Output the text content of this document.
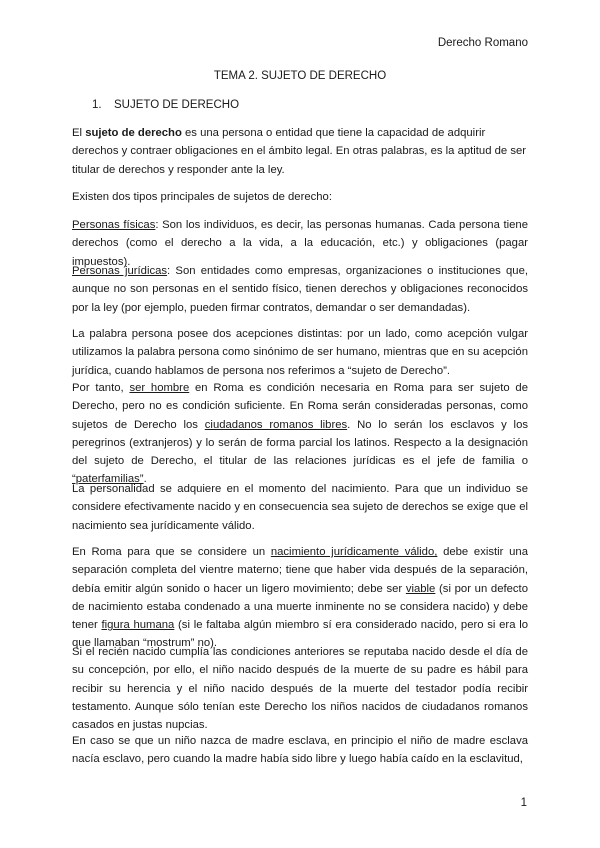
Derecho Romano
TEMA 2. SUJETO DE DERECHO
1. SUJETO DE DERECHO

El sujeto de derecho es una persona o entidad que tiene la capacidad de adquirir derechos y contraer obligaciones en el ámbito legal. En otras palabras, es la aptitud de ser titular de derechos y responder ante la ley.

Existen dos tipos principales de sujetos de derecho:

Personas físicas: Son los individuos, es decir, las personas humanas. Cada persona tiene derechos (como el derecho a la vida, a la educación, etc.) y obligaciones (pagar impuestos).

Personas jurídicas: Son entidades como empresas, organizaciones o instituciones que, aunque no son personas en el sentido físico, tienen derechos y obligaciones reconocidos por la ley (por ejemplo, pueden firmar contratos, demandar o ser demandadas).

La palabra persona posee dos acepciones distintas: por un lado, como acepción vulgar utilizamos la palabra persona como sinónimo de ser humano, mientras que en su acepción jurídica, cuando hablamos de persona nos referimos a “sujeto de Derecho”.

Por tanto, ser hombre en Roma es condición necesaria en Roma para ser sujeto de Derecho, pero no es condición suficiente. En Roma serán consideradas personas, como sujetos de Derecho los ciudadanos romanos libres. No lo serán los esclavos y los peregrinos (extranjeros) y lo serán de forma parcial los latinos. Respecto a la designación del sujeto de Derecho, el titular de las relaciones jurídicas es el jefe de familia o “paterfamilias”.

La personalidad se adquiere en el momento del nacimiento. Para que un individuo se considere efectivamente nacido y en consecuencia sea sujeto de derechos se exige que el nacimiento sea jurídicamente válido.

En Roma para que se considere un nacimiento jurídicamente válido, debe existir una separación completa del vientre materno; tiene que haber vida después de la separación, debía emitir algún sonido o hacer un ligero movimiento; debe ser viable (si por un defecto de nacimiento estaba condenado a una muerte inminente no se considera nacido) y debe tener figura humana (si le faltaba algún miembro sí era considerado nacido, pero si era lo que llamaban “mostrum” no).

Si el recién nacido cumplía las condiciones anteriores se reputaba nacido desde el día de su concepción, por ello, el niño nacido después de la muerte de su padre es hábil para recibir su herencia y el niño nacido después de la muerte del testador podía recibir testamento. Aunque sólo tenían este Derecho los niños nacidos de ciudadanos romanos casados en justas nupcias.

En caso se que un niño nazca de madre esclava, en principio el niño de madre esclava nacía esclavo, pero cuando la madre había sido libre y luego había caído en la esclavitud,

1
